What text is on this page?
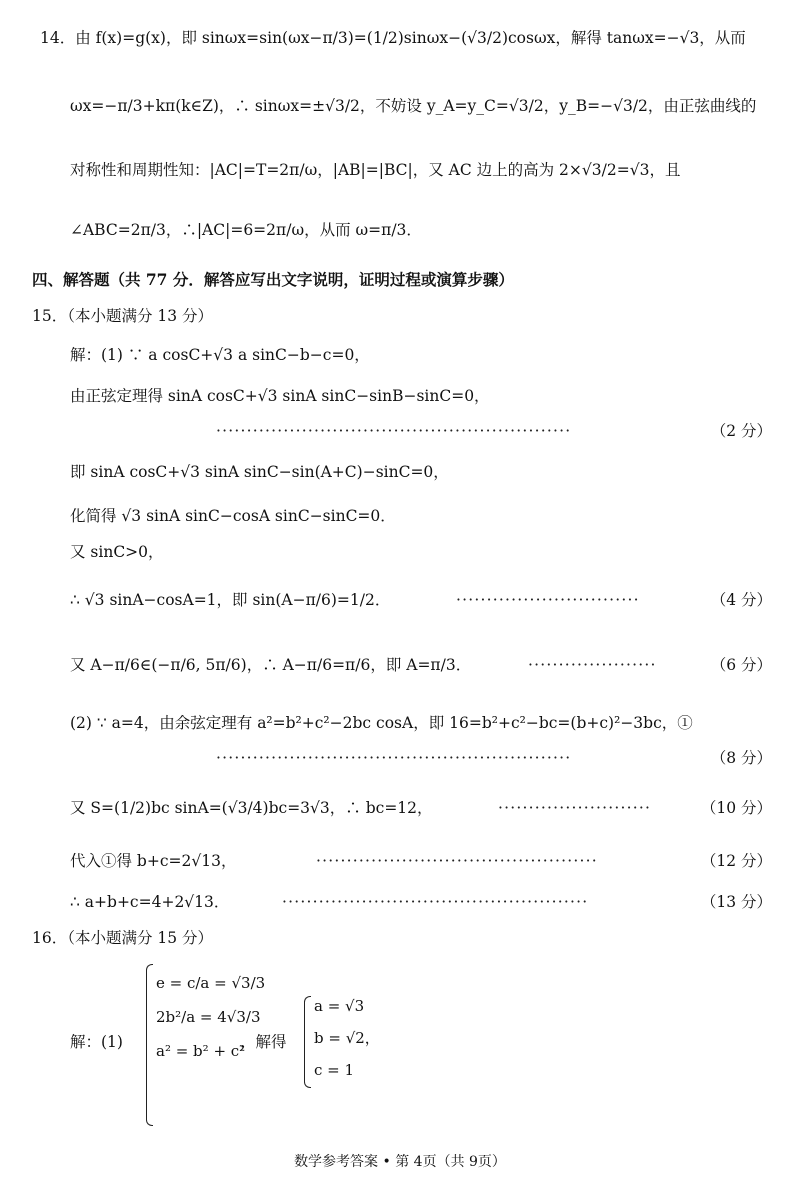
14．由 f(x)=g(x)，即 sinωx=sin(ωx−π/3)=(1/2)sinωx−(√3/2)cosωx，解得 tanωx=−√3，从而
ωx=−π/3+kπ(k∈Z)，∴ sinωx=±√3/2，不妨设 y_A=y_C=√3/2，y_B=−√3/2，由正弦曲线的
对称性和周期性知：|AC|=T=2π/ω，|AB|=|BC|，又 AC 边上的高为 2×√3/2=√3，且
∠ABC=2π/3，∴|AC|=6=2π/ω，从而 ω=π/3．
四、解答题（共 77 分．解答应写出文字说明，证明过程或演算步骤）
15．（本小题满分 13 分）
解：(1) ∵ a cosC+√3 a sinC−b−c=0，
由正弦定理得 sinA cosC+√3 sinA sinC−sinB−sinC=0，
··························································	（2 分）
即 sinA cosC+√3 sinA sinC−sin(A+C)−sinC=0，
化简得 √3 sinA sinC−cosA sinC−sinC=0．
又 sinC>0，
∴ √3 sinA−cosA=1，即 sin(A−π/6)=1/2．	······························	（4 分）
又 A−π/6∈(−π/6, 5π/6)，∴ A−π/6=π/6，即 A=π/3．	·····················	（6 分）
(2) ∵ a=4，由余弦定理有 a²=b²+c²−2bc cosA，即 16=b²+c²−bc=(b+c)²−3bc，①
··························································	（8 分）
又 S=(1/2)bc sinA=(√3/4)bc=3√3，∴ bc=12，	·························	（10 分）
代入①得 b+c=2√13，	··············································	（12 分）
∴ a+b+c=4+2√13．	··················································	（13 分）
16．（本小题满分 15 分）
解：(1)
e = c/a = √3/3
2b²/a = 4√3/3
a² = b² + c²
，解得
a = √3
b = √2，
c = 1
数学参考答案 • 第 4页（共 9页）
